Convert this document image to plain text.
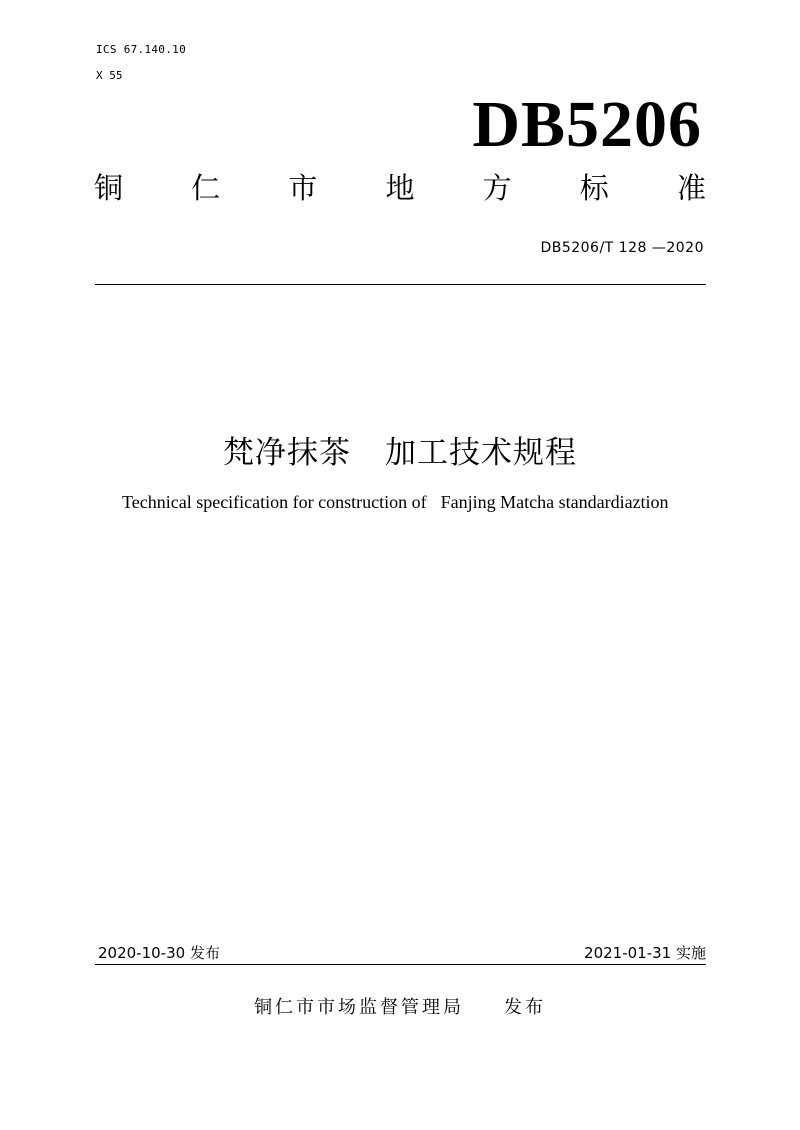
ICS 67.140.10
X 55
DB5206
铜 仁 市 地 方 标 准
DB5206/T 128 —2020
梵净抹茶 加工技术规程
Technical specification for construction of Fanjing Matcha standardiaztion
2020-10-30 发布	2021-01-31 实施
铜仁市市场监督管理局 发布
